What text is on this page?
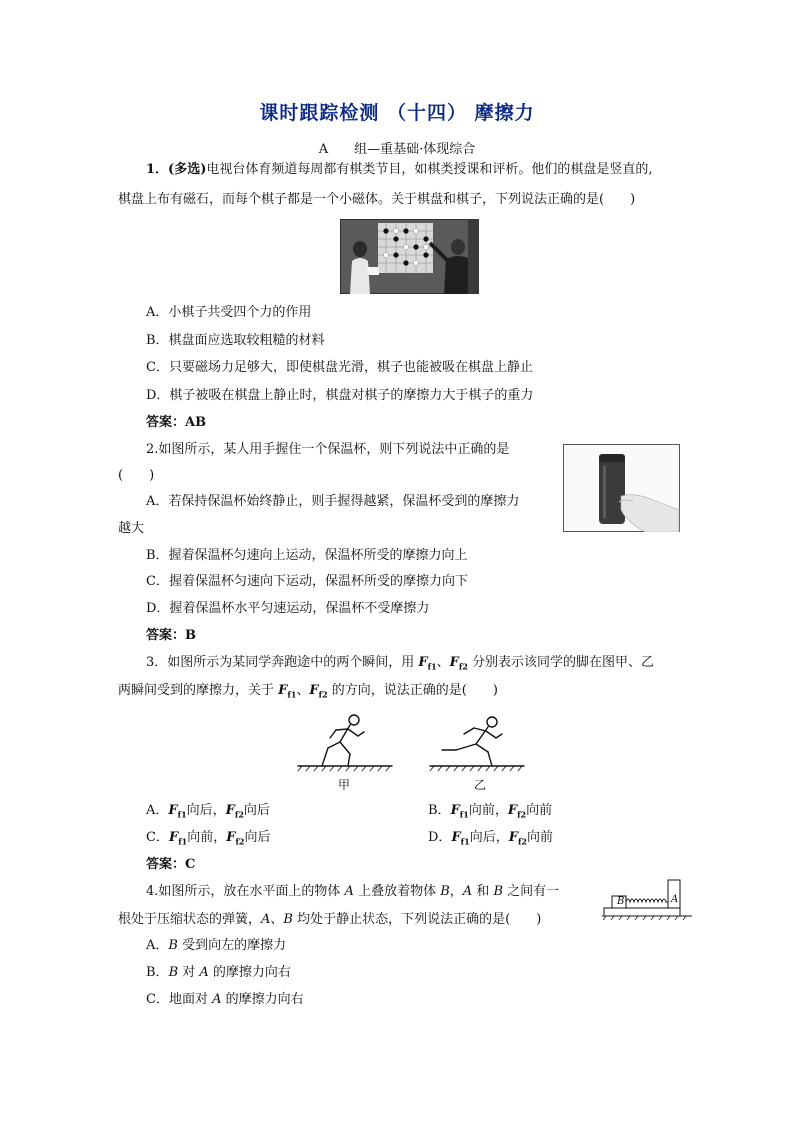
课时跟踪检测 （十四） 摩擦力
A　　组—重基础·体现综合
1．(多选)电视台体育频道每周都有棋类节目，如棋类授课和评析。他们的棋盘是竖直的,
棋盘上布有磁石，而每个棋子都是一个小磁体。关于棋盘和棋子，下列说法正确的是(　　)
A．小棋子共受四个力的作用
B．棋盘面应选取较粗糙的材料
C．只要磁场力足够大，即使棋盘光滑，棋子也能被吸在棋盘上静止
D．棋子被吸在棋盘上静止时，棋盘对棋子的摩擦力大于棋子的重力
答案：AB
2.如图所示，某人用手握住一个保温杯，则下列说法中正确的是
(　　)
A．若保持保温杯始终静止，则手握得越紧，保温杯受到的摩擦力
越大
B．握着保温杯匀速向上运动，保温杯所受的摩擦力向上
C．握着保温杯匀速向下运动，保温杯所受的摩擦力向下
D．握着保温杯水平匀速运动，保温杯不受摩擦力
答案：B
3．如图所示为某同学奔跑途中的两个瞬间，用 $F_{f1}$、$F_{f2}$ 分别表示该同学的脚在图甲、乙
两瞬间受到的摩擦力，关于 $F_{f1}$、$F_{f2}$ 的方向，说法正确的是(　　)
甲	乙
A．$F_{f1}$向后，$F_{f2}$向后	B．$F_{f1}$向前，$F_{f2}$向前
C．$F_{f1}$向前，$F_{f2}$向后	D．$F_{f1}$向后，$F_{f2}$向前
答案：C
4.如图所示，放在水平面上的物体 A 上叠放着物体 B，A 和 B 之间有一
根处于压缩状态的弹簧，A、B 均处于静止状态，下列说法正确的是(　　)
B	A
A．B 受到向左的摩擦力
B．B 对 A 的摩擦力向右
C．地面对 A 的摩擦力向右
